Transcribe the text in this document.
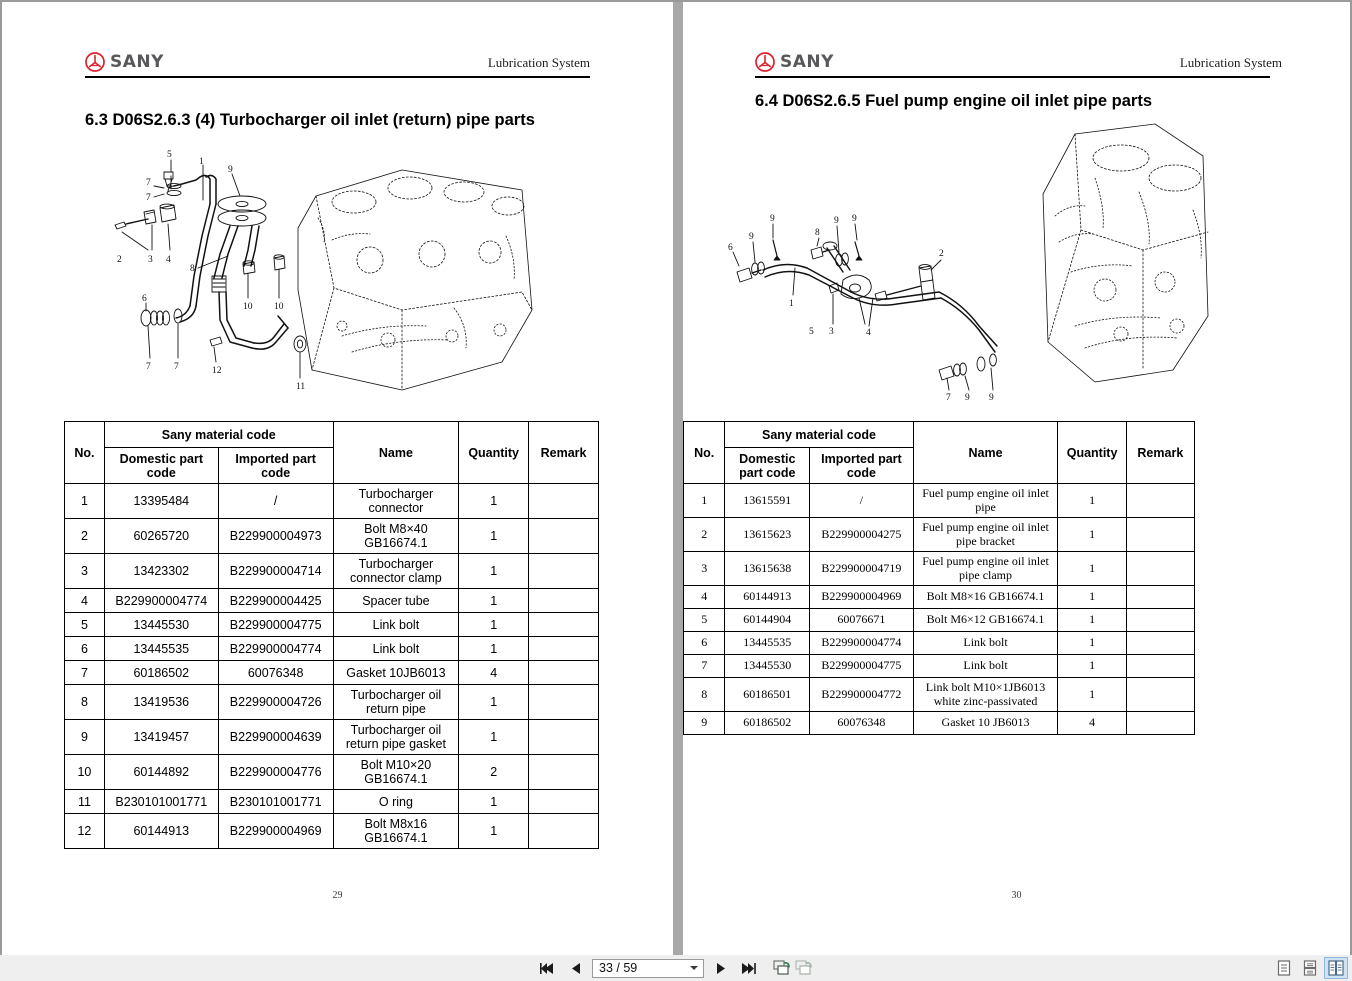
SANY	Lubrication System
6.3 D06S2.6.3 (4) Turbocharger oil inlet (return) pipe parts
5
1
9
2	3 4
7
7
6
7 7
8
10 10
12
11
No.	Sany material code		Name	Quantity	Remark
	Domestic part code	Imported part code			
1	13395484	/	Turbocharger connector	1	
2	60265720	B229900004973	Bolt M8×40 GB16674.1	1	
3	13423302	B229900004714	Turbocharger connector clamp	1	
4	B229900004774	B229900004425	Spacer tube	1	
5	13445530	B229900004775	Link bolt	1	
6	13445535	B229900004774	Link bolt	1	
7	60186502	60076348	Gasket 10JB6013	4	
8	13419536	B229900004726	Turbocharger oil return pipe	1	
9	13419457	B229900004639	Turbocharger oil return pipe gasket	1	
10	60144892	B229900004776	Bolt M10×20 GB16674.1	2	
11	B230101001771	B230101001771	O ring	1	
12	60144913	B229900004969	Bolt M8x16 GB16674.1	1	
29
SANY	Lubrication System
6.4 D06S2.6.5 Fuel pump engine oil inlet pipe parts
1
2
3	4
5
6
9
9
8
9 9
7 9 9
No.	Sany material code		Name	Quantity	Remark
	Domestic part code	Imported part code			
1	13615591	/	Fuel pump engine oil inlet pipe	1	
2	13615623	B229900004275	Fuel pump engine oil inlet pipe bracket	1	
3	13615638	B229900004719	Fuel pump engine oil inlet pipe clamp	1	
4	60144913	B229900004969	Bolt M8×16 GB16674.1	1	
5	60144904	60076671	Bolt M6×12 GB16674.1	1	
6	13445535	B229900004774	Link bolt	1	
7	13445530	B229900004775	Link bolt	1	
8	60186501	B229900004772	Link bolt M10×1JB6013 white zinc-passivated	1	
9	60186502	60076348	Gasket 10 JB6013	4	
30
33 / 59
